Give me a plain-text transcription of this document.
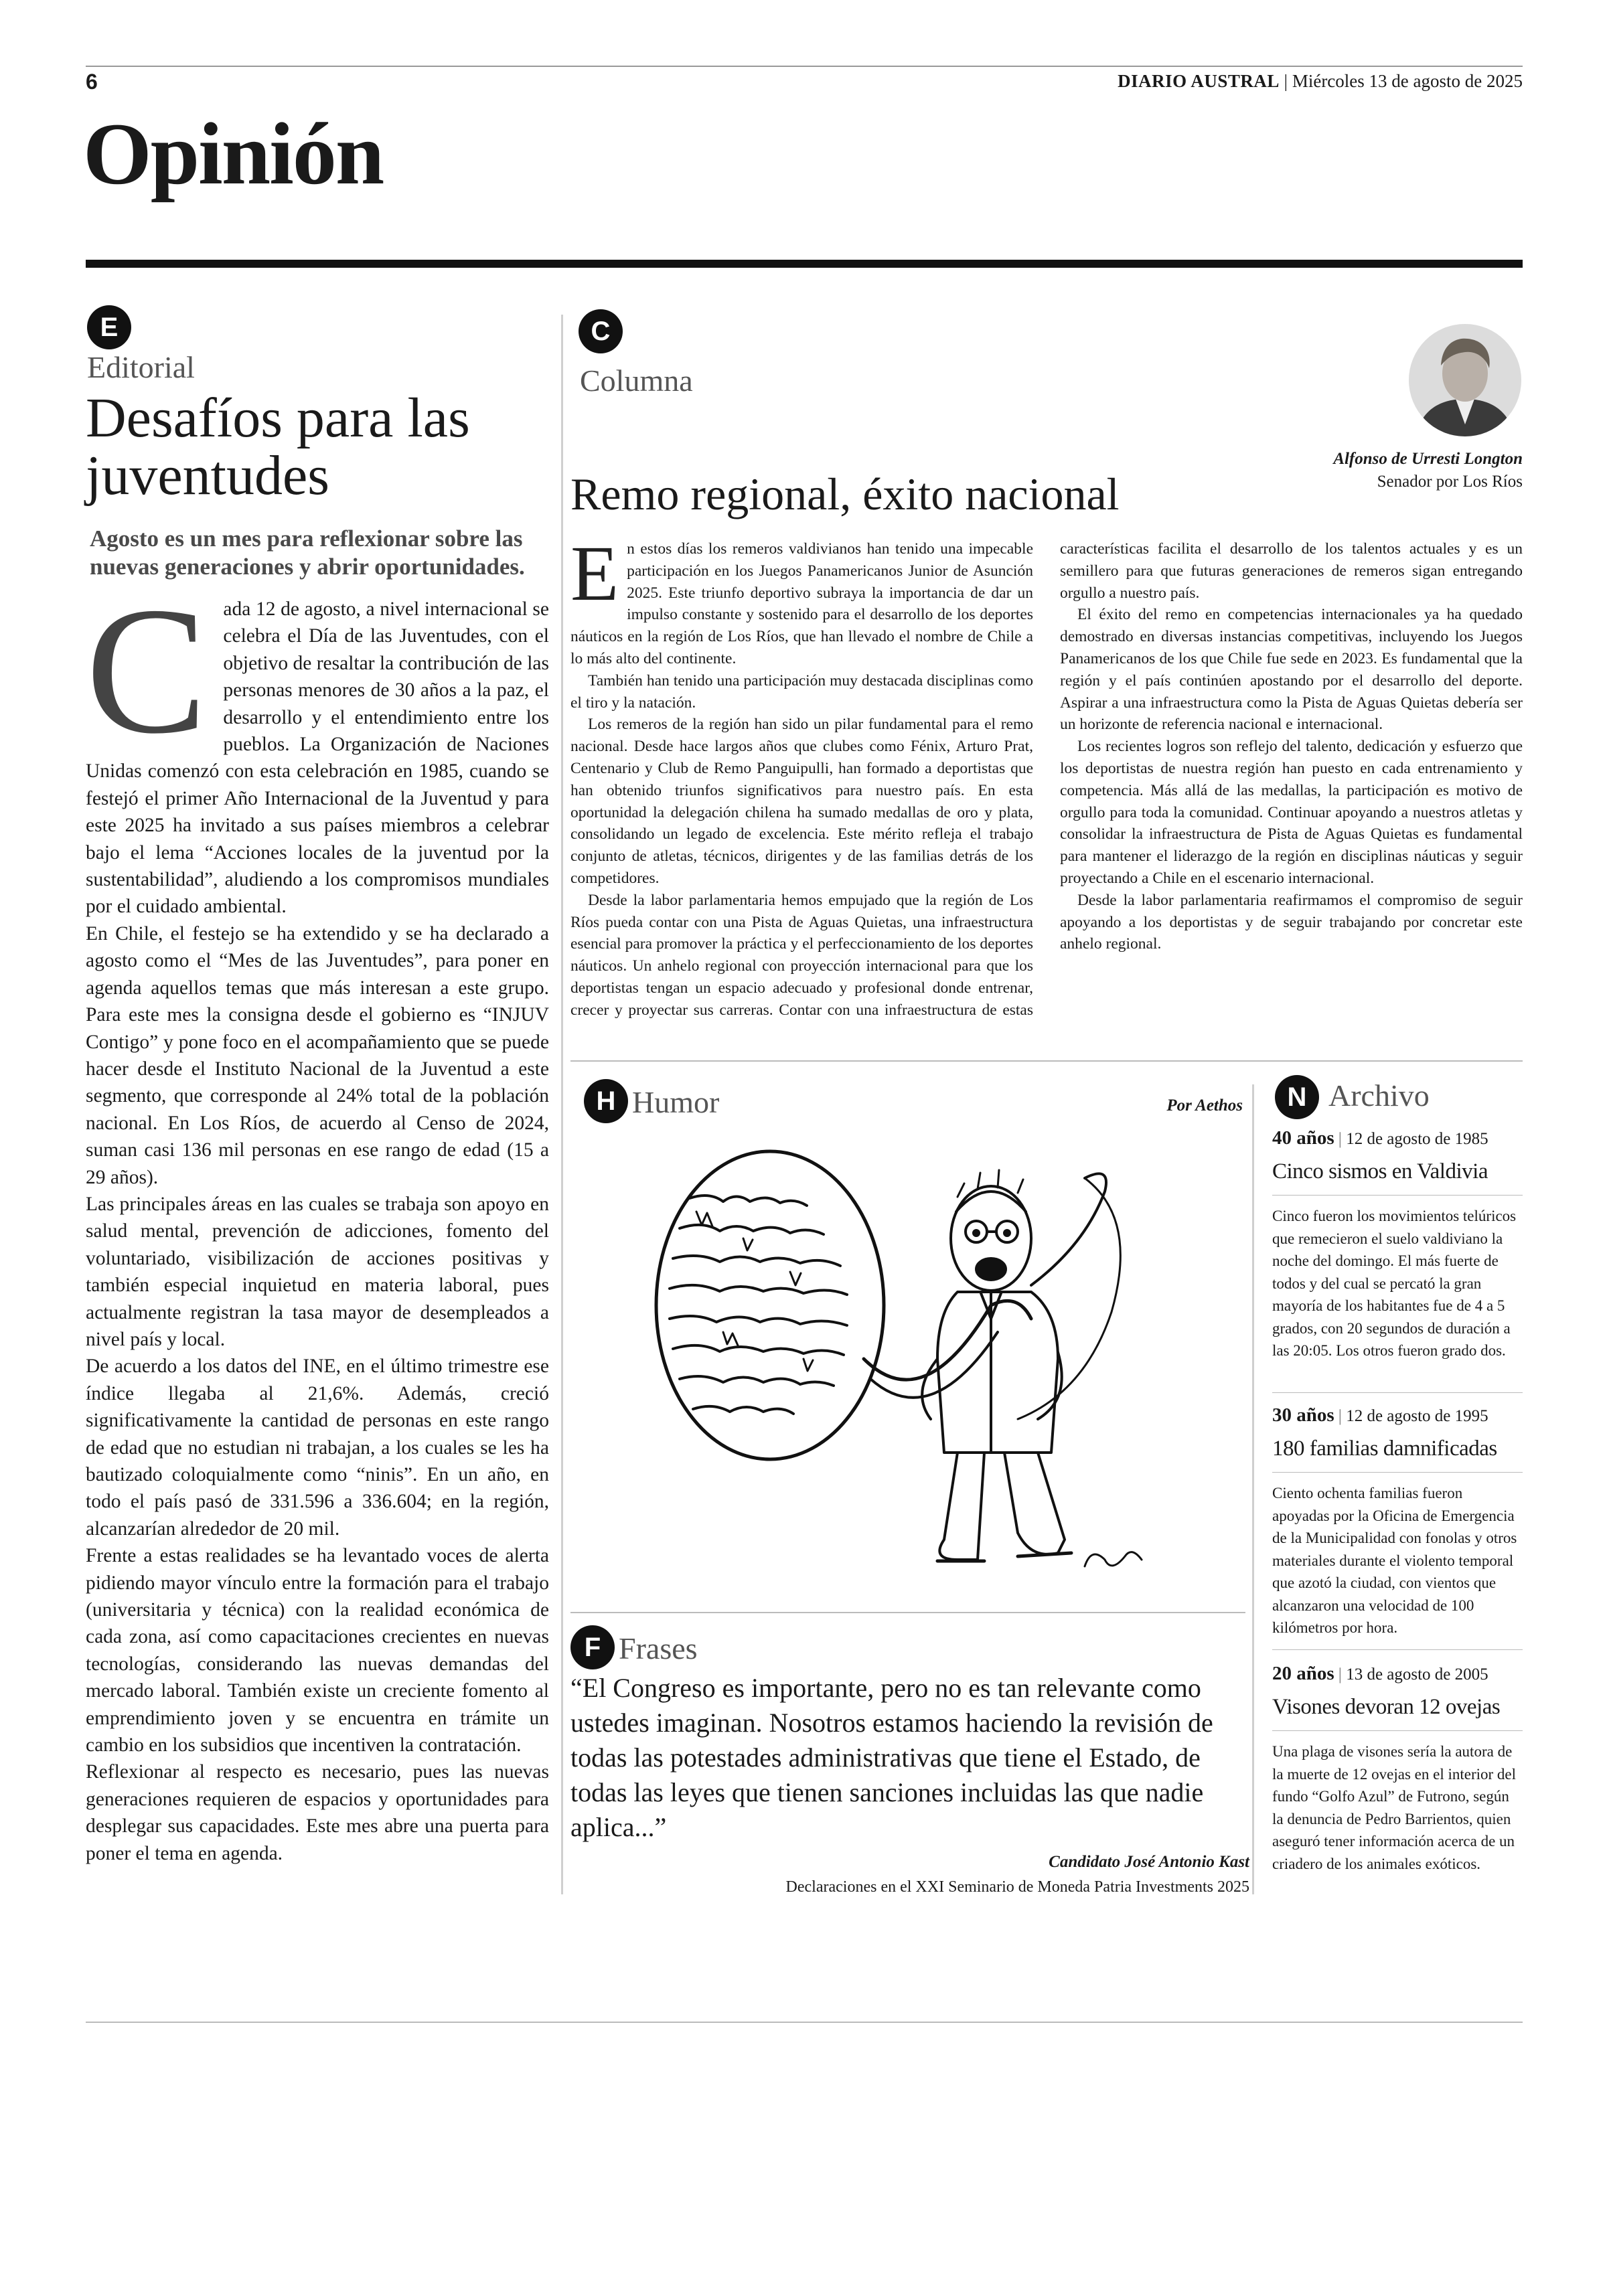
6	DIARIO AUSTRAL | Miércoles 13 de agosto de 2025
Opinión
E
Editorial
Desafíos para las juventudes
Agosto es un mes para reflexionar sobre las nuevas generaciones y abrir oportunidades.

Cada 12 de agosto, a nivel internacional se celebra el Día de las Juventudes, con el objetivo de resaltar la contribución de las personas menores de 30 años a la paz, el desarrollo y el entendimiento entre los pueblos. La Organización de Naciones Unidas comenzó con esta celebración en 1985, cuando se festejó el primer Año Internacional de la Juventud y para este 2025 ha invitado a sus países miembros a celebrar bajo el lema “Acciones locales de la juventud por la sustentabilidad”, aludiendo a los compromisos mundiales por el cuidado ambiental.

En Chile, el festejo se ha extendido y se ha declarado a agosto como el “Mes de las Juventudes”, para poner en agenda aquellos temas que más interesan a este grupo. Para este mes la consigna desde el gobierno es “INJUV Contigo” y pone foco en el acompañamiento que se puede hacer desde el Instituto Nacional de la Juventud a este segmento, que corresponde al 24% total de la población nacional. En Los Ríos, de acuerdo al Censo de 2024, suman casi 136 mil personas en ese rango de edad (15 a 29 años).

Las principales áreas en las cuales se trabaja son apoyo en salud mental, prevención de adicciones, fomento del voluntariado, visibilización de acciones positivas y también especial inquietud en materia laboral, pues actualmente registran la tasa mayor de desempleados a nivel país y local.

De acuerdo a los datos del INE, en el último trimestre ese índice llegaba al 21,6%. Además, creció significativamente la cantidad de personas en este rango de edad que no estudian ni trabajan, a los cuales se les ha bautizado coloquialmente como “ninis”. En un año, en todo el país pasó de 331.596 a 336.604; en la región, alcanzarían alrededor de 20 mil.

Frente a estas realidades se ha levantado voces de alerta pidiendo mayor vínculo entre la formación para el trabajo (universitaria y técnica) con la realidad económica de cada zona, así como capacitaciones crecientes en nuevas tecnologías, considerando las nuevas demandas del mercado laboral. También existe un creciente fomento al emprendimiento joven y se encuentra en trámite un cambio en los subsidios que incentiven la contratación.

Reflexionar al respecto es necesario, pues las nuevas generaciones requieren de espacios y oportunidades para desplegar sus capacidades. Este mes abre una puerta para poner el tema en agenda.

C
Columna
Remo regional, éxito nacional
Alfonso de Urresti Longton
Senador por Los Ríos

En estos días los remeros valdivianos han tenido una impecable participación en los Juegos Panamericanos Junior de Asunción 2025. Este triunfo deportivo subraya la importancia de dar un impulso constante y sostenido para el desarrollo de los deportes náuticos en la región de Los Ríos, que han llevado el nombre de Chile a lo más alto del continente.

También han tenido una participación muy destacada disciplinas como el tiro y la natación.

Los remeros de la región han sido un pilar fundamental para el remo nacional. Desde hace largos años que clubes como Fénix, Arturo Prat, Centenario y Club de Remo Panguipulli, han formado a deportistas que han obtenido triunfos significativos para nuestro país. En esta oportunidad la delegación chilena ha sumado medallas de oro y plata, consolidando un legado de excelencia. Este mérito refleja el trabajo conjunto de atletas, técnicos, dirigentes y de las familias detrás de los competidores.

Desde la labor parlamentaria hemos empujado que la región de Los Ríos pueda contar con una Pista de Aguas Quietas, una infraestructura esencial para promover la práctica y el perfeccionamiento de los deportes náuticos. Un anhelo regional con proyección internacional para que los deportistas tengan un espacio adecuado y profesional donde entrenar, crecer y proyectar sus carreras. Contar con una infraestructura de estas características facilita el desarrollo de los talentos actuales y es un semillero para que futuras generaciones de remeros sigan entregando orgullo a nuestro país.

El éxito del remo en competencias internacionales ya ha quedado demostrado en diversas instancias competitivas, incluyendo los Juegos Panamericanos de los que Chile fue sede en 2023. Es fundamental que la región y el país continúen apostando por el desarrollo del deporte. Aspirar a una infraestructura como la Pista de Aguas Quietas debería ser un horizonte de referencia nacional e internacional.

Los recientes logros son reflejo del talento, dedicación y esfuerzo que los deportistas de nuestra región han puesto en cada entrenamiento y competencia. Más allá de las medallas, la participación es motivo de orgullo para toda la comunidad. Continuar apoyando a nuestros atletas y consolidar la infraestructura de Pista de Aguas Quietas es fundamental para mantener el liderazgo de la región en disciplinas náuticas y seguir proyectando a Chile en el escenario internacional.

Desde la labor parlamentaria reafirmamos el compromiso de seguir apoyando a los deportistas y de seguir trabajando por concretar este anhelo regional.

H Humor	Por Aethos
F Frases
“El Congreso es importante, pero no es tan relevante como ustedes imaginan. Nosotros estamos haciendo la revisión de todas las potestades administrativas que tiene el Estado, de todas las leyes que tienen sanciones incluidas las que nadie aplica...”
Candidato José Antonio Kast
Declaraciones en el XXI Seminario de Moneda Patria Investments 2025
N Archivo
40 años | 12 de agosto de 1985
Cinco sismos en Valdivia
Cinco fueron los movimientos telúricos que remecieron el suelo valdiviano la noche del domingo. El más fuerte de todos y del cual se percató la gran mayoría de los habitantes fue de 4 a 5 grados, con 20 segundos de duración a las 20:05. Los otros fueron grado dos.
30 años | 12 de agosto de 1995
180 familias damnificadas
Ciento ochenta familias fueron apoyadas por la Oficina de Emergencia de la Municipalidad con fonolas y otros materiales durante el violento temporal que azotó la ciudad, con vientos que alcanzaron una velocidad de 100 kilómetros por hora.
20 años | 13 de agosto de 2005
Visones devoran 12 ovejas
Una plaga de visones sería la autora de la muerte de 12 ovejas en el interior del fundo “Golfo Azul” de Futrono, según la denuncia de Pedro Barrientos, quien aseguró tener información acerca de un criadero de los animales exóticos.
